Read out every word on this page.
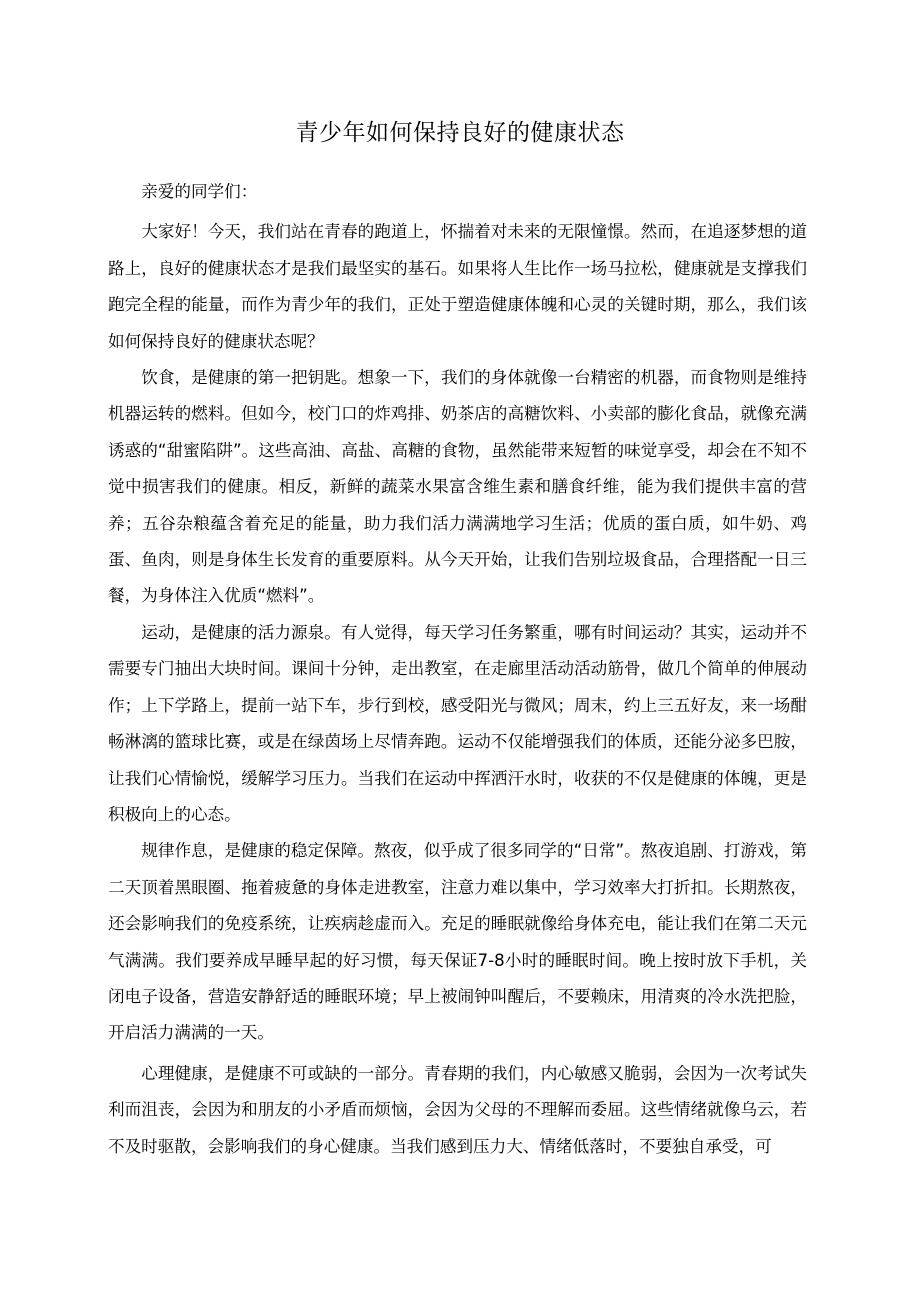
青少年如何保持良好的健康状态

亲爱的同学们：

大家好！今天，我们站在青春的跑道上，怀揣着对未来的无限憧憬。然而，在追逐梦想的道路上，良好的健康状态才是我们最坚实的基石。如果将人生比作一场马拉松，健康就是支撑我们跑完全程的能量，而作为青少年的我们，正处于塑造健康体魄和心灵的关键时期，那么，我们该如何保持良好的健康状态呢？

饮食，是健康的第一把钥匙。想象一下，我们的身体就像一台精密的机器，而食物则是维持机器运转的燃料。但如今，校门口的炸鸡排、奶茶店的高糖饮料、小卖部的膨化食品，就像充满诱惑的“甜蜜陷阱”。这些高油、高盐、高糖的食物，虽然能带来短暂的味觉享受，却会在不知不觉中损害我们的健康。相反，新鲜的蔬菜水果富含维生素和膳食纤维，能为我们提供丰富的营养；五谷杂粮蕴含着充足的能量，助力我们活力满满地学习生活；优质的蛋白质，如牛奶、鸡蛋、鱼肉，则是身体生长发育的重要原料。从今天开始，让我们告别垃圾食品，合理搭配一日三餐，为身体注入优质“燃料”。

运动，是健康的活力源泉。有人觉得，每天学习任务繁重，哪有时间运动？其实，运动并不需要专门抽出大块时间。课间十分钟，走出教室，在走廊里活动活动筋骨，做几个简单的伸展动作；上下学路上，提前一站下车，步行到校，感受阳光与微风；周末，约上三五好友，来一场酣畅淋漓的篮球比赛，或是在绿茵场上尽情奔跑。运动不仅能增强我们的体质，还能分泌多巴胺，让我们心情愉悦，缓解学习压力。当我们在运动中挥洒汗水时，收获的不仅是健康的体魄，更是积极向上的心态。

规律作息，是健康的稳定保障。熬夜，似乎成了很多同学的“日常”。熬夜追剧、打游戏，第二天顶着黑眼圈、拖着疲惫的身体走进教室，注意力难以集中，学习效率大打折扣。长期熬夜，还会影响我们的免疫系统，让疾病趁虚而入。充足的睡眠就像给身体充电，能让我们在第二天元气满满。我们要养成早睡早起的好习惯，每天保证7-8小时的睡眠时间。晚上按时放下手机，关闭电子设备，营造安静舒适的睡眠环境；早上被闹钟叫醒后，不要赖床，用清爽的冷水洗把脸，开启活力满满的一天。

心理健康，是健康不可或缺的一部分。青春期的我们，内心敏感又脆弱，会因为一次考试失利而沮丧，会因为和朋友的小矛盾而烦恼，会因为父母的不理解而委屈。这些情绪就像乌云，若不及时驱散，会影响我们的身心健康。当我们感到压力大、情绪低落时，不要独自承受，可
